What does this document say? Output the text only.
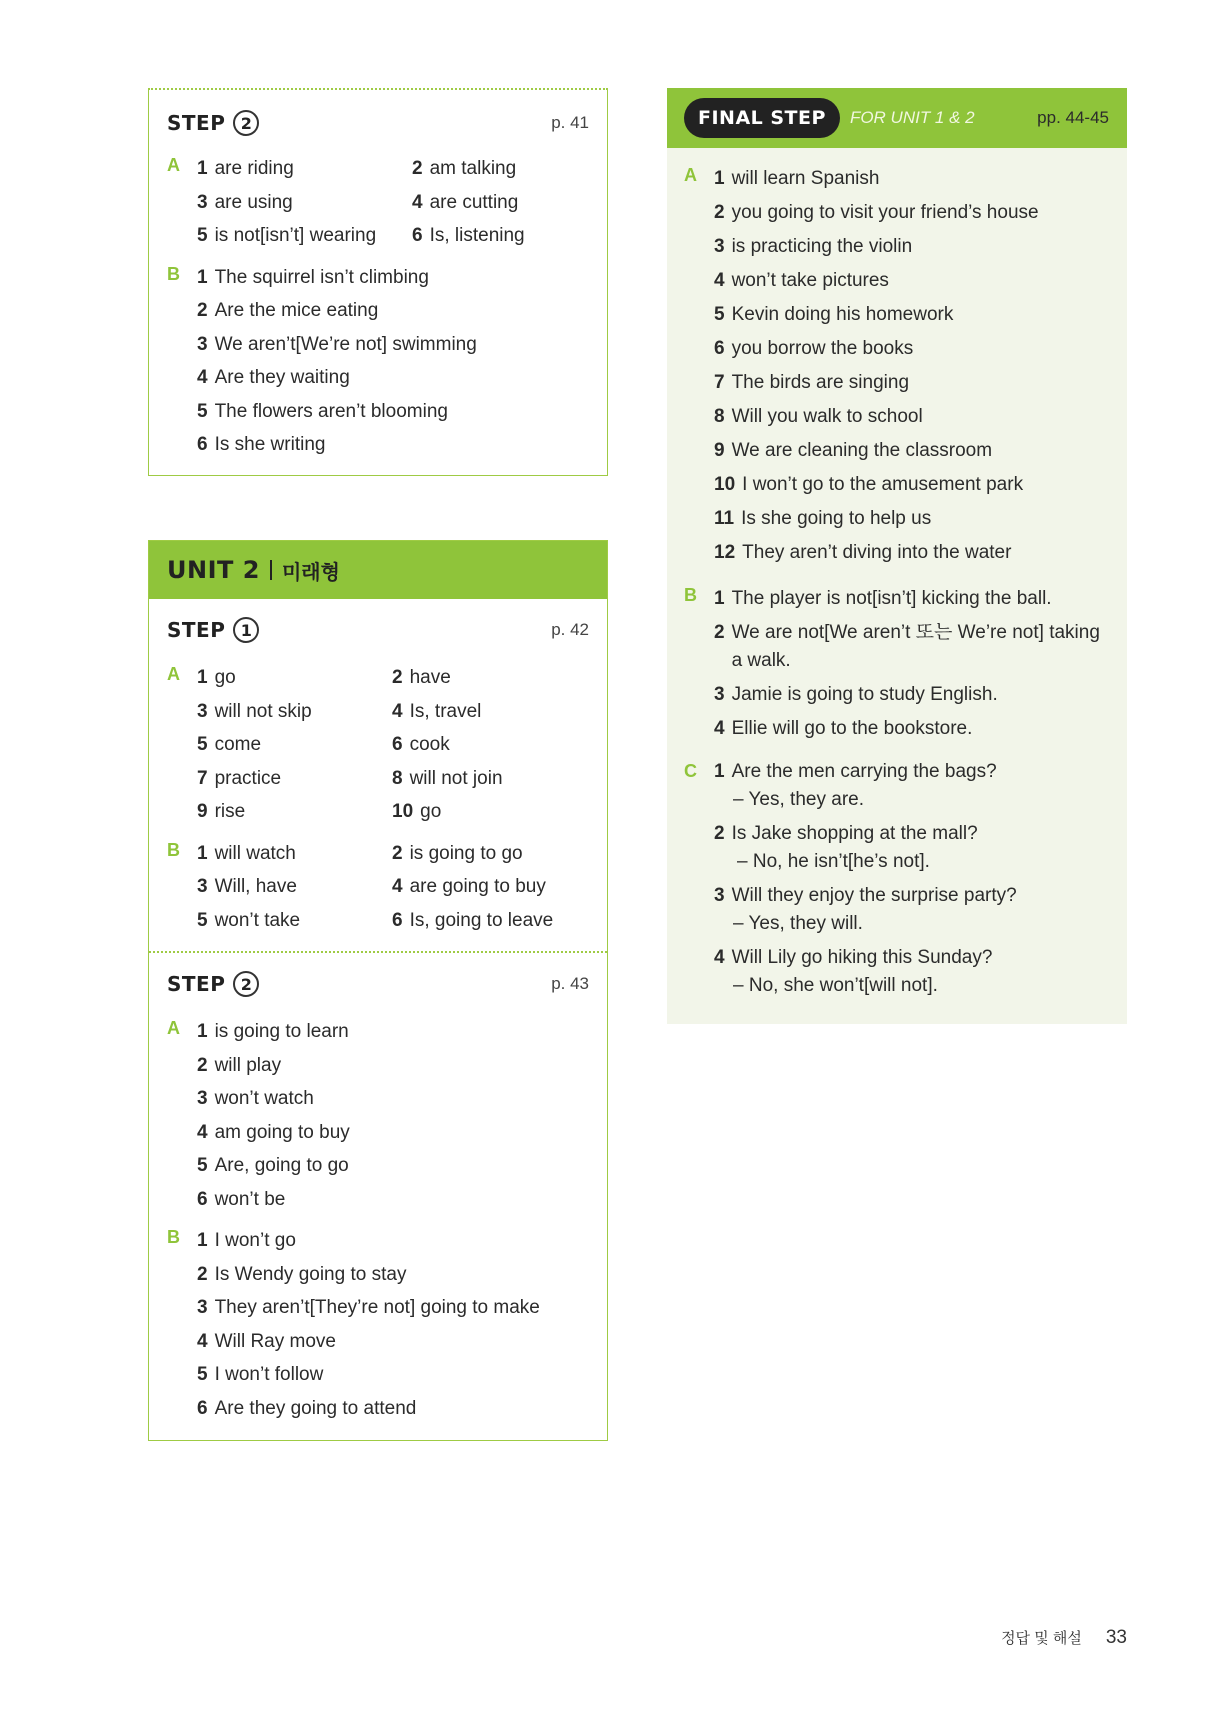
STEP 2	p. 41
A 1 are riding	2 am talking
3 are using	4 are cutting
5 is not[isn’t] wearing	6 Is, listening
B 1 The squirrel isn’t climbing
2 Are the mice eating
3 We aren’t[We’re not] swimming
4 Are they waiting
5 The flowers aren’t blooming
6 Is she writing
UNIT 2 미래형
STEP 1	p. 42
A 1 go	2 have
3 will not skip	4 Is, travel
5 come	6 cook
7 practice	8 will not join
9 rise	10 go
B 1 will watch	2 is going to go
3 Will, have	4 are going to buy
5 won’t take	6 Is, going to leave
STEP 2	p. 43
A 1 is going to learn
2 will play
3 won’t watch
4 am going to buy
5 Are, going to go
6 won’t be
B 1 I won’t go
2 Is Wendy going to stay
3 They aren’t[They’re not] going to make
4 Will Ray move
5 I won’t follow
6 Are they going to attend
FINAL STEP	FOR UNIT 1 & 2	pp. 44-45
A 1 will learn Spanish
2 you going to visit your friend’s house
3 is practicing the violin
4 won’t take pictures
5 Kevin doing his homework
6 you borrow the books
7 The birds are singing
8 Will you walk to school
9 We are cleaning the classroom
10 I won’t go to the amusement park
11 Is she going to help us
12 They aren’t diving into the water
B 1 The player is not[isn’t] kicking the ball.
2 We are not[We aren’t 또는 We’re not] taking a walk.
3 Jamie is going to study English.
4 Ellie will go to the bookstore.
C 1 Are the men carrying the bags?
– Yes, they are.
2 Is Jake shopping at the mall?
– No, he isn’t[he’s not].
3 Will they enjoy the surprise party?
– Yes, they will.
4 Will Lily go hiking this Sunday?
– No, she won’t[will not].
정답 및 해설 33
